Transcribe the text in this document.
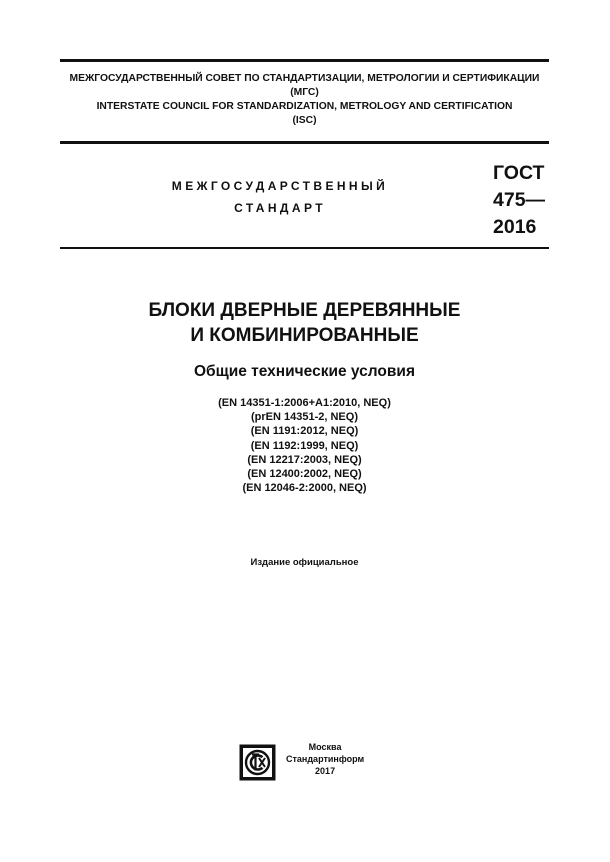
МЕЖГОСУДАРСТВЕННЫЙ СОВЕТ ПО СТАНДАРТИЗАЦИИ, МЕТРОЛОГИИ И СЕРТИФИКАЦИИ
(МГС)
INTERSTATE COUNCIL FOR STANDARDIZATION, METROLOGY AND CERTIFICATION
(ISC)
МЕЖГОСУДАРСТВЕННЫЙ
СТАНДАРТ
ГОСТ
475—
2016
БЛОКИ ДВЕРНЫЕ ДЕРЕВЯННЫЕ
И КОМБИНИРОВАННЫЕ
Общие технические условия
(EN 14351-1:2006+A1:2010, NEQ)
(prEN 14351-2, NEQ)
(EN 1191:2012, NEQ)
(EN 1192:1999, NEQ)
(EN 12217:2003, NEQ)
(EN 12400:2002, NEQ)
(EN 12046-2:2000, NEQ)
Издание официальное
Москва
Стандартинформ
2017
